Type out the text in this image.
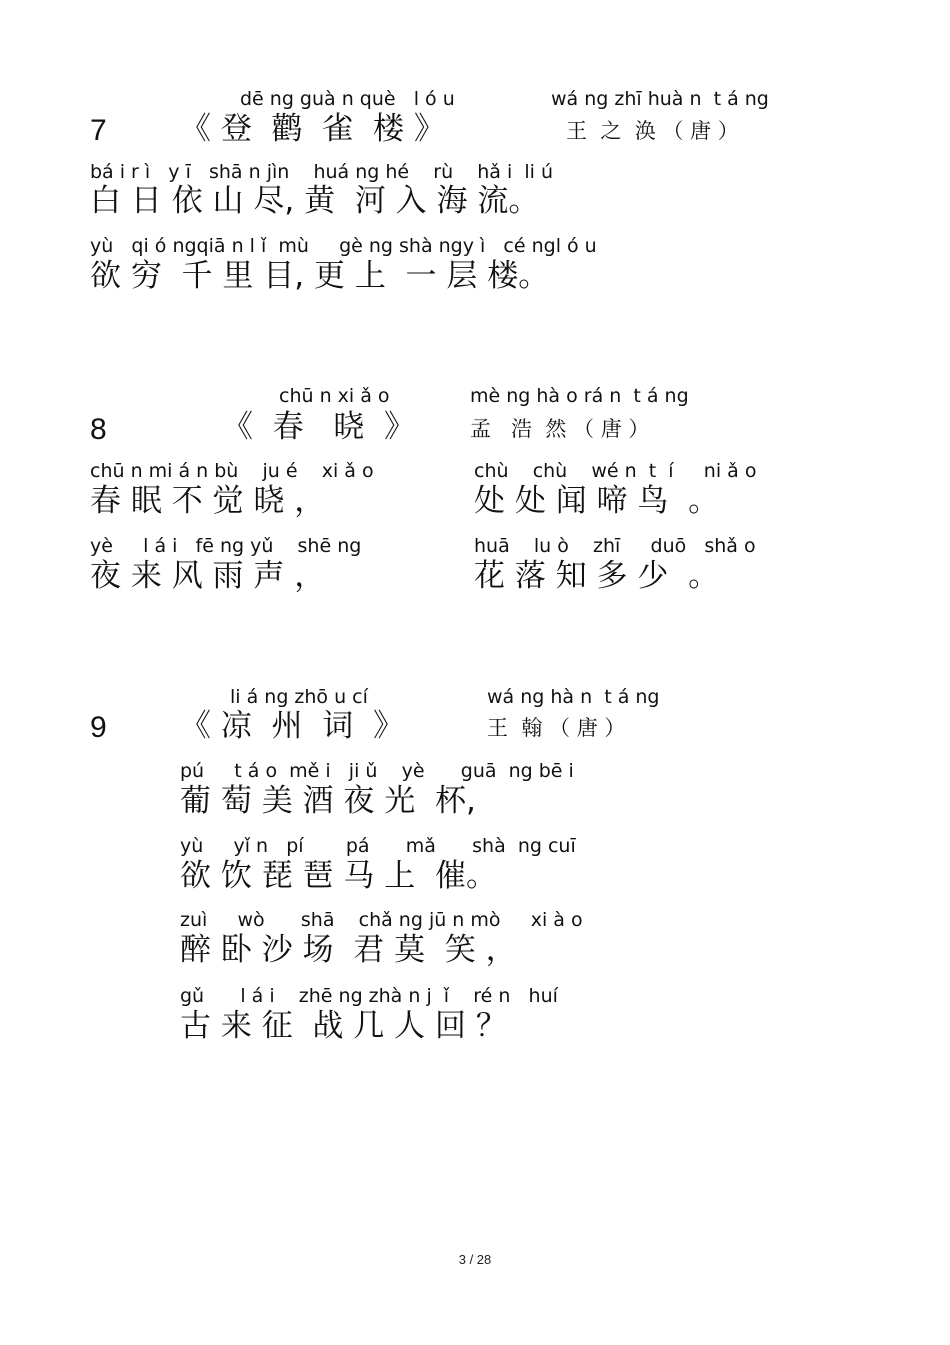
dē ng guà n què   l ó u	wá ng zhī huà n  t á ng
7 《 登  鹳  雀  楼 》	王  之  涣 （ 唐 ）
bá i r ì   y ī   shā n jìn    huá ng hé    rù    hǎ i  li ú
白 日 依 山 尽, 黄  河 入 海 流。
yù   qi ó ngqiā n l ǐ  mù     gè ng shà ngy ì   cé ngl ó u
欲 穷  千 里 目, 更 上  一 层 楼。
chū n xi ǎ o	mè ng hà o rá n  t á ng
8	《  春   晓  》	孟   浩  然 （ 唐 ）
chū n mi á n bù    ju é    xi ǎ o	chù    chù    wé n  t  í     ni ǎ o
春 眠 不 觉 晓 ，	处 处 闻 啼 鸟  。
yè     l á i   fē ng yǔ    shē ng	huā    lu ò    zhī     duō   shǎ o
夜 来 风 雨 声 ，	花 落 知 多 少  。
li á ng zhō u cí	wá ng hà n  t á ng
9 《 凉  州  词  》	王  翰 （ 唐 ）
pú     t á o  mě i   ji ǔ    yè      guā  ng bē i
葡 萄 美 酒 夜 光  杯,
yù     yǐ n   pí       pá      mǎ      shà  ng cuī
欲 饮 琵 琶 马 上  催。
zuì     wò      shā    chǎ ng jū n mò     xi à o
醉 卧 沙 场  君 莫  笑 ，
gǔ      l á i    zhē ng zhà n j  ǐ    ré n   huí
古 来 征  战 几 人 回 ？
3 / 28
